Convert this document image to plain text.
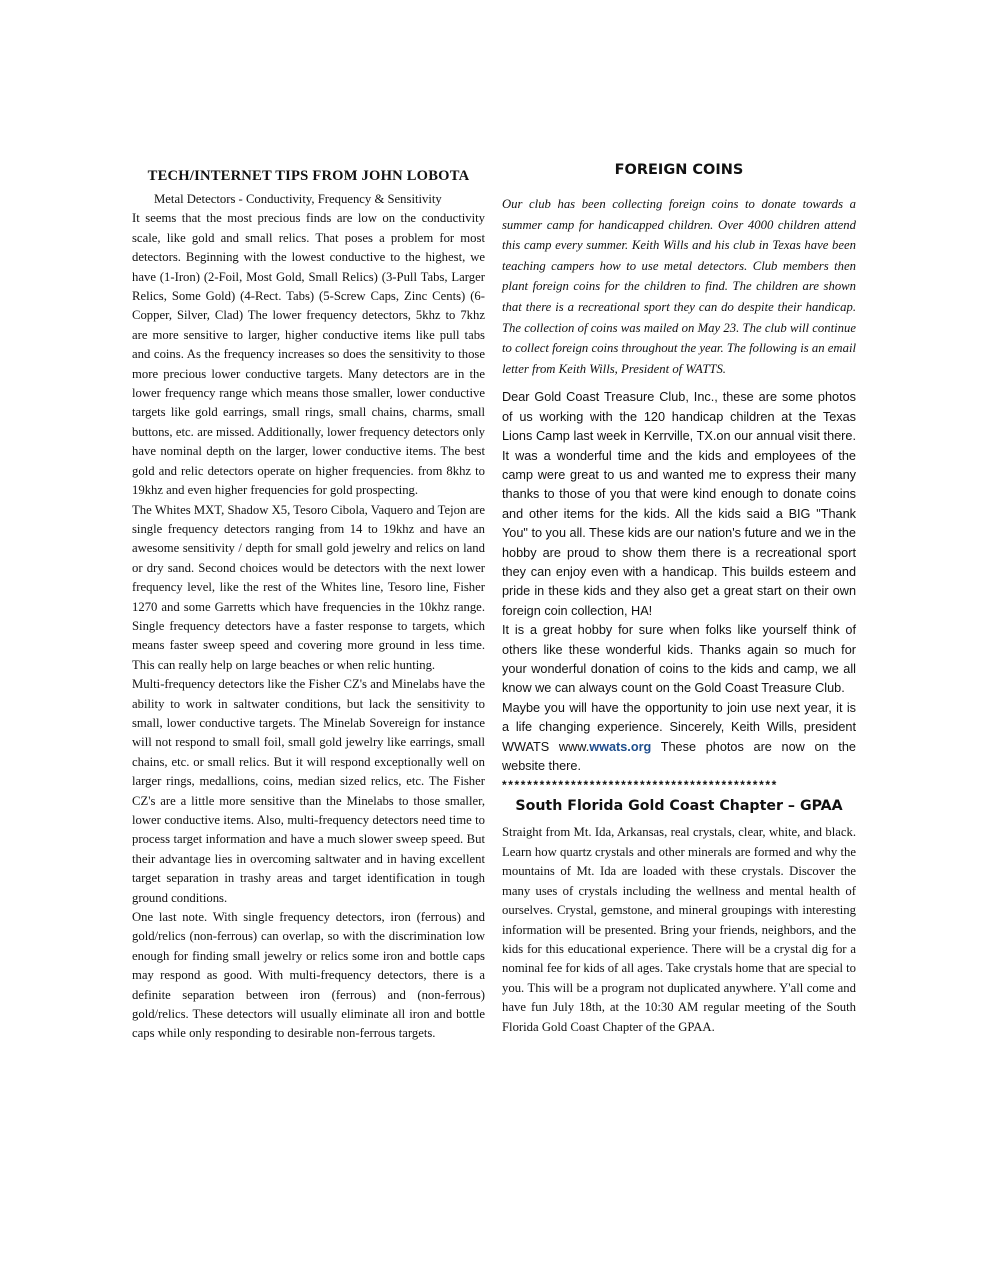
TECH/INTERNET TIPS FROM JOHN LOBOTA
Metal Detectors - Conductivity, Frequency & Sensitivity

It seems that the most precious finds are low on the conductivity scale, like gold and small relics. That poses a problem for most detectors. Beginning with the lowest conductive to the highest, we have (1-Iron) (2-Foil, Most Gold, Small Relics) (3-Pull Tabs, Larger Relics, Some Gold) (4-Rect. Tabs) (5-Screw Caps, Zinc Cents) (6-Copper, Silver, Clad) The lower frequency detectors, 5khz to 7khz are more sensitive to larger, higher conductive items like pull tabs and coins. As the frequency increases so does the sensitivity to those more precious lower conductive targets. Many detectors are in the lower frequency range which means those smaller, lower conductive targets like gold earrings, small rings, small chains, charms, small buttons, etc. are missed. Additionally, lower frequency detectors only have nominal depth on the larger, lower conductive items. The best gold and relic detectors operate on higher frequencies. from 8khz to 19khz and even higher frequencies for gold prospecting.

The Whites MXT, Shadow X5, Tesoro Cibola, Vaquero and Tejon are single frequency detectors ranging from 14 to 19khz and have an awesome sensitivity / depth for small gold jewelry and relics on land or dry sand. Second choices would be detectors with the next lower frequency level, like the rest of the Whites line, Tesoro line, Fisher 1270 and some Garretts which have frequencies in the 10khz range. Single frequency detectors have a faster response to targets, which means faster sweep speed and covering more ground in less time. This can really help on large beaches or when relic hunting.

Multi-frequency detectors like the Fisher CZ's and Minelabs have the ability to work in saltwater conditions, but lack the sensitivity to small, lower conductive targets. The Minelab Sovereign for instance will not respond to small foil, small gold jewelry like earrings, small chains, etc. or small relics. But it will respond exceptionally well on larger rings, medallions, coins, median sized relics, etc. The Fisher CZ's are a little more sensitive than the Minelabs to those smaller, lower conductive items. Also, multi-frequency detectors need time to process target information and have a much slower sweep speed. But their advantage lies in overcoming saltwater and in having excellent target separation in trashy areas and target identification in tough ground conditions.

One last note. With single frequency detectors, iron (ferrous) and gold/relics (non-ferrous) can overlap, so with the discrimination low enough for finding small jewelry or relics some iron and bottle caps may respond as good. With multi-frequency detectors, there is a definite separation between iron (ferrous) and (non-ferrous) gold/relics. These detectors will usually eliminate all iron and bottle caps while only responding to desirable non-ferrous targets.

FOREIGN COINS

Our club has been collecting foreign coins to donate towards a summer camp for handicapped children. Over 4000 children attend this camp every summer. Keith Wills and his club in Texas have been teaching campers how to use metal detectors. Club members then plant foreign coins for the children to find. The children are shown that there is a recreational sport they can do despite their handicap. The collection of coins was mailed on May 23. The club will continue to collect foreign coins throughout the year. The following is an email letter from Keith Wills, President of WATTS.

Dear Gold Coast Treasure Club, Inc., these are some photos of us working with the 120 handicap children at the Texas Lions Camp last week in Kerrville, TX.on our annual visit there. It was a wonderful time and the kids and employees of the camp were great to us and wanted me to express their many thanks to those of you that were kind enough to donate coins and other items for the kids. All the kids said a BIG "Thank You" to you all. These kids are our nation's future and we in the hobby are proud to show them there is a recreational sport they can enjoy even with a handicap. This builds esteem and pride in these kids and they also get a great start on their own foreign coin collection, HA!

It is a great hobby for sure when folks like yourself think of others like these wonderful kids. Thanks again so much for your wonderful donation of coins to the kids and camp, we all know we can always count on the Gold Coast Treasure Club.

Maybe you will have the opportunity to join use next year, it is a life changing experience. Sincerely, Keith Wills, president WWATS www.wwats.org These photos are now on the website there.

********************************************
South Florida Gold Coast Chapter – GPAA

Straight from Mt. Ida, Arkansas, real crystals, clear, white, and black. Learn how quartz crystals and other minerals are formed and why the mountains of Mt. Ida are loaded with these crystals. Discover the many uses of crystals including the wellness and mental health of ourselves. Crystal, gemstone, and mineral groupings with interesting information will be presented. Bring your friends, neighbors, and the kids for this educational experience. There will be a crystal dig for a nominal fee for kids of all ages. Take crystals home that are special to you. This will be a program not duplicated anywhere. Y'all come and have fun July 18th, at the 10:30 AM regular meeting of the South Florida Gold Coast Chapter of the GPAA.
